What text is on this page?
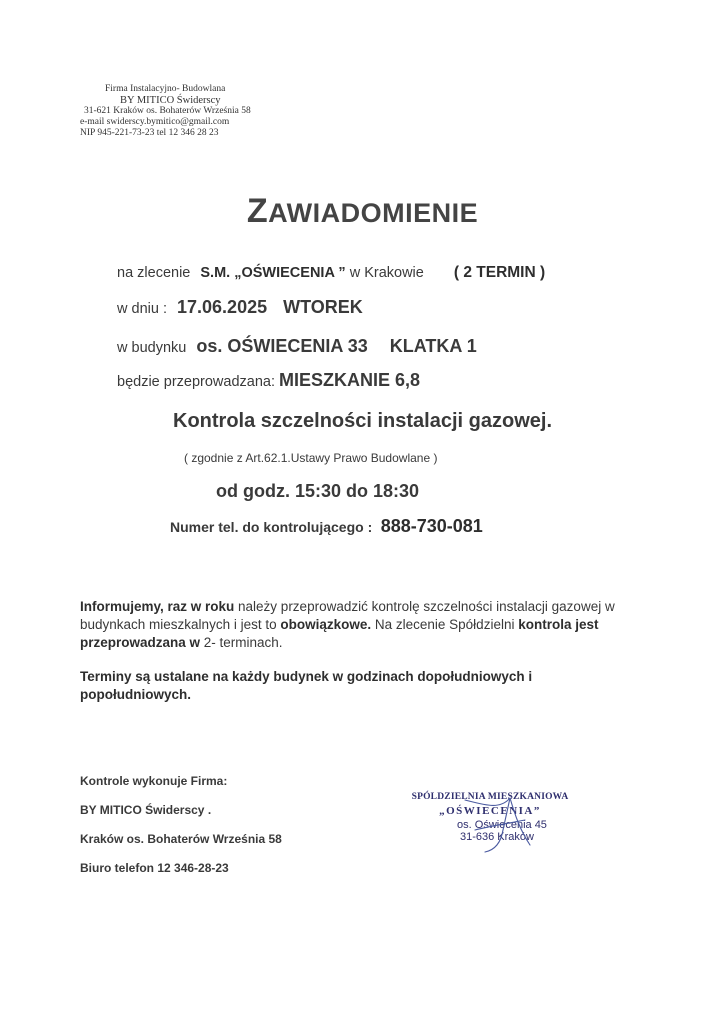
Firma Instalacyjno- Budowlana
BY MITICO Świderscy
31-621 Kraków os. Bohaterów Września 58
e-mail swiderscy.bymitico@gmail.com
NIP 945-221-73-23 tel 12 346 28 23
ZAWIADOMIENIE
na zlecenie S.M. „OŚWIECENIA ” w Krakowie ( 2 TERMIN )
w dniu : 17.06.2025 WTOREK
w budynku os. OŚWIECENIA 33 KLATKA 1
będzie przeprowadzana: MIESZKANIE 6,8
Kontrola szczelności instalacji gazowej.
( zgodnie z Art.62.1.Ustawy Prawo Budowlane )
od godz. 15:30 do 18:30
Numer tel. do kontrolującego : 888-730-081
Informujemy, raz w roku należy przeprowadzić kontrolę szczelności instalacji gazowej w budynkach mieszkalnych i jest to obowiązkowe. Na zlecenie Spółdzielni kontrola jest przeprowadzana w 2- terminach.
Terminy są ustalane na każdy budynek w godzinach dopołudniowych i popołudniowych.
Kontrole wykonuje Firma:
BY MITICO Świderscy .
Kraków os. Bohaterów Września 58
Biuro telefon 12 346-28-23
SPÓLDZIELNIA MIESZKANIOWA
„OŚWIECENIA”
os. Oświecenia 45
31-636 Kraków
